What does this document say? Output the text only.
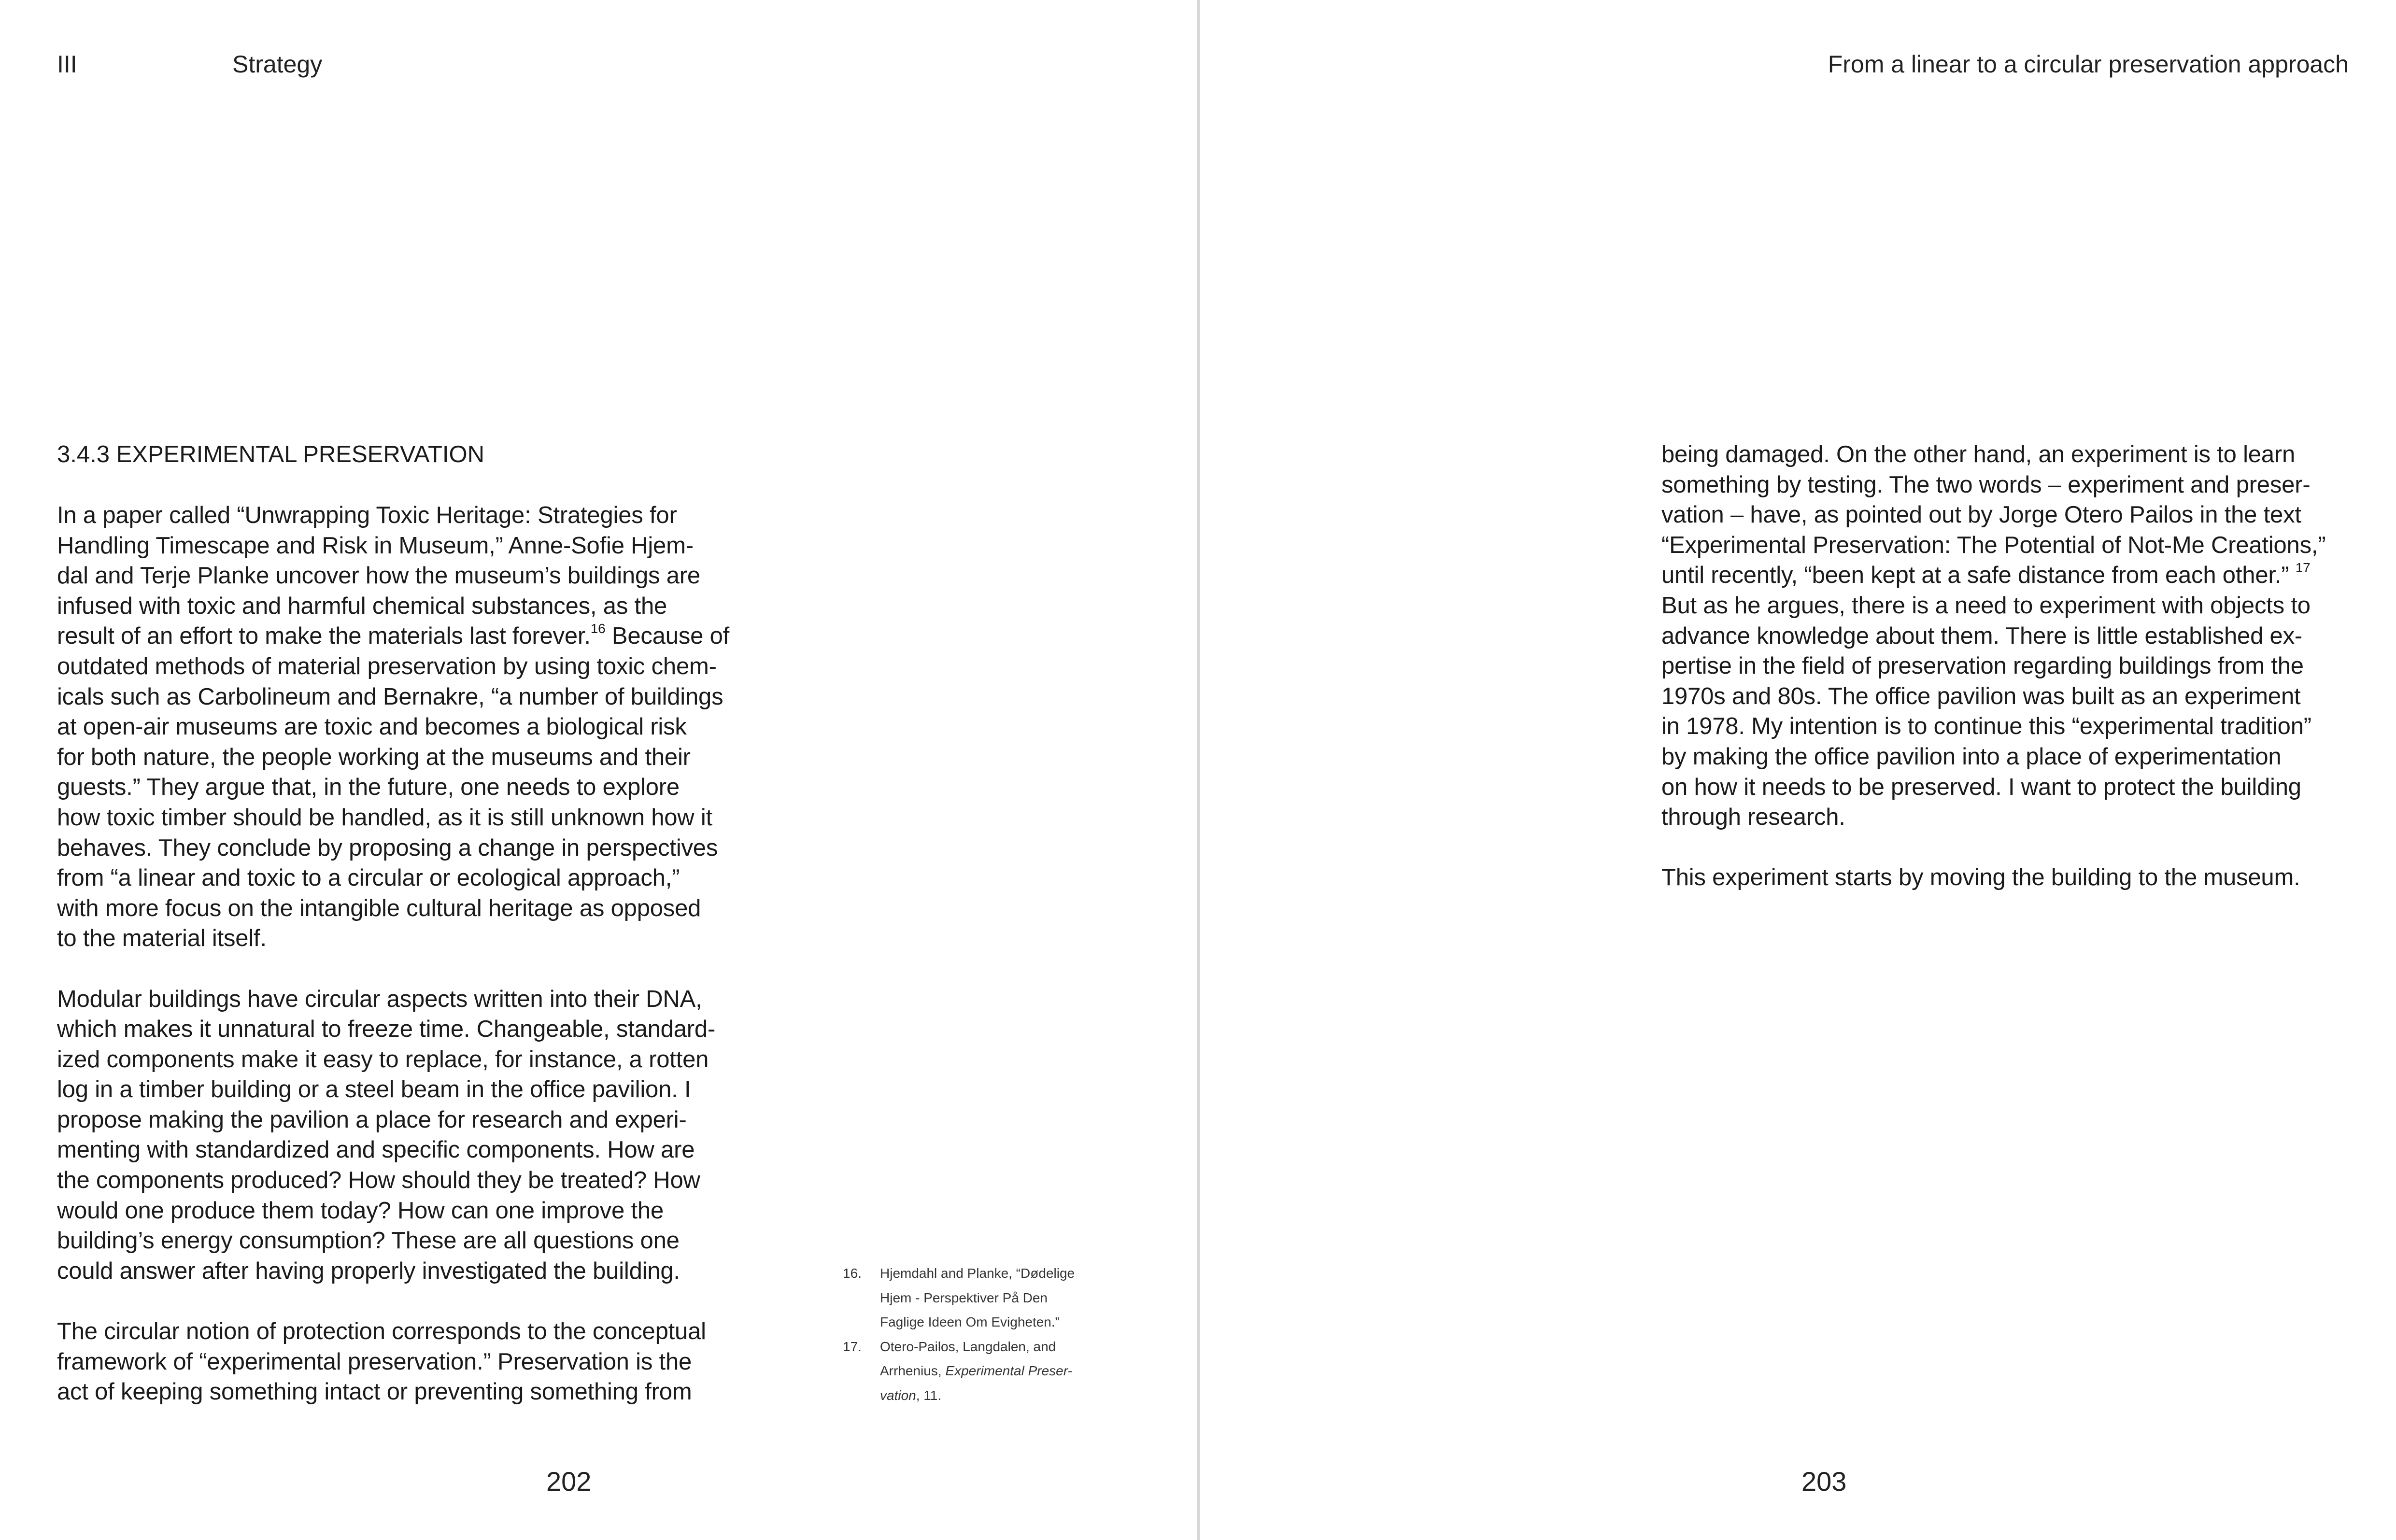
III	Strategy
3.4.3 EXPERIMENTAL PRESERVATION
In a paper called “Unwrapping Toxic Heritage: Strategies for
Handling Timescape and Risk in Museum,” Anne-Sofie Hjem-
dal and Terje Planke uncover how the museum’s buildings are
infused with toxic and harmful chemical substances, as the
result of an effort to make the materials last forever.$^{16}$ Because of
outdated methods of material preservation by using toxic chem-
icals such as Carbolineum and Bernakre, “a number of buildings
at open-air museums are toxic and becomes a biological risk
for both nature, the people working at the museums and their
guests.” They argue that, in the future, one needs to explore
how toxic timber should be handled, as it is still unknown how it
behaves. They conclude by proposing a change in perspectives
from “a linear and toxic to a circular or ecological approach,”
with more focus on the intangible cultural heritage as opposed
to the material itself.
Modular buildings have circular aspects written into their DNA,
which makes it unnatural to freeze time. Changeable, standard-
ized components make it easy to replace, for instance, a rotten
log in a timber building or a steel beam in the office pavilion. I
propose making the pavilion a place for research and experi-
menting with standardized and specific components. How are
the components produced? How should they be treated? How
would one produce them today? How can one improve the
building’s energy consumption? These are all questions one
could answer after having properly investigated the building.
The circular notion of protection corresponds to the conceptual
framework of “experimental preservation.” Preservation is the
act of keeping something intact or preventing something from
16. Hjemdahl and Planke, “Dødelige
Hjem - Perspektiver På Den
Faglige Ideen Om Evigheten.”
17. Otero-Pailos, Langdalen, and
Arrhenius, Experimental Preser-
vation, 11.
202
From a linear to a circular preservation approach
being damaged. On the other hand, an experiment is to learn
something by testing. The two words – experiment and preser-
vation – have, as pointed out by Jorge Otero Pailos in the text
“Experimental Preservation: The Potential of Not-Me Creations,”
until recently, “been kept at a safe distance from each other.” $^{17}$
But as he argues, there is a need to experiment with objects to
advance knowledge about them. There is little established ex-
pertise in the field of preservation regarding buildings from the
1970s and 80s. The office pavilion was built as an experiment
in 1978. My intention is to continue this “experimental tradition”
by making the office pavilion into a place of experimentation
on how it needs to be preserved. I want to protect the building
through research.
This experiment starts by moving the building to the museum.
203
